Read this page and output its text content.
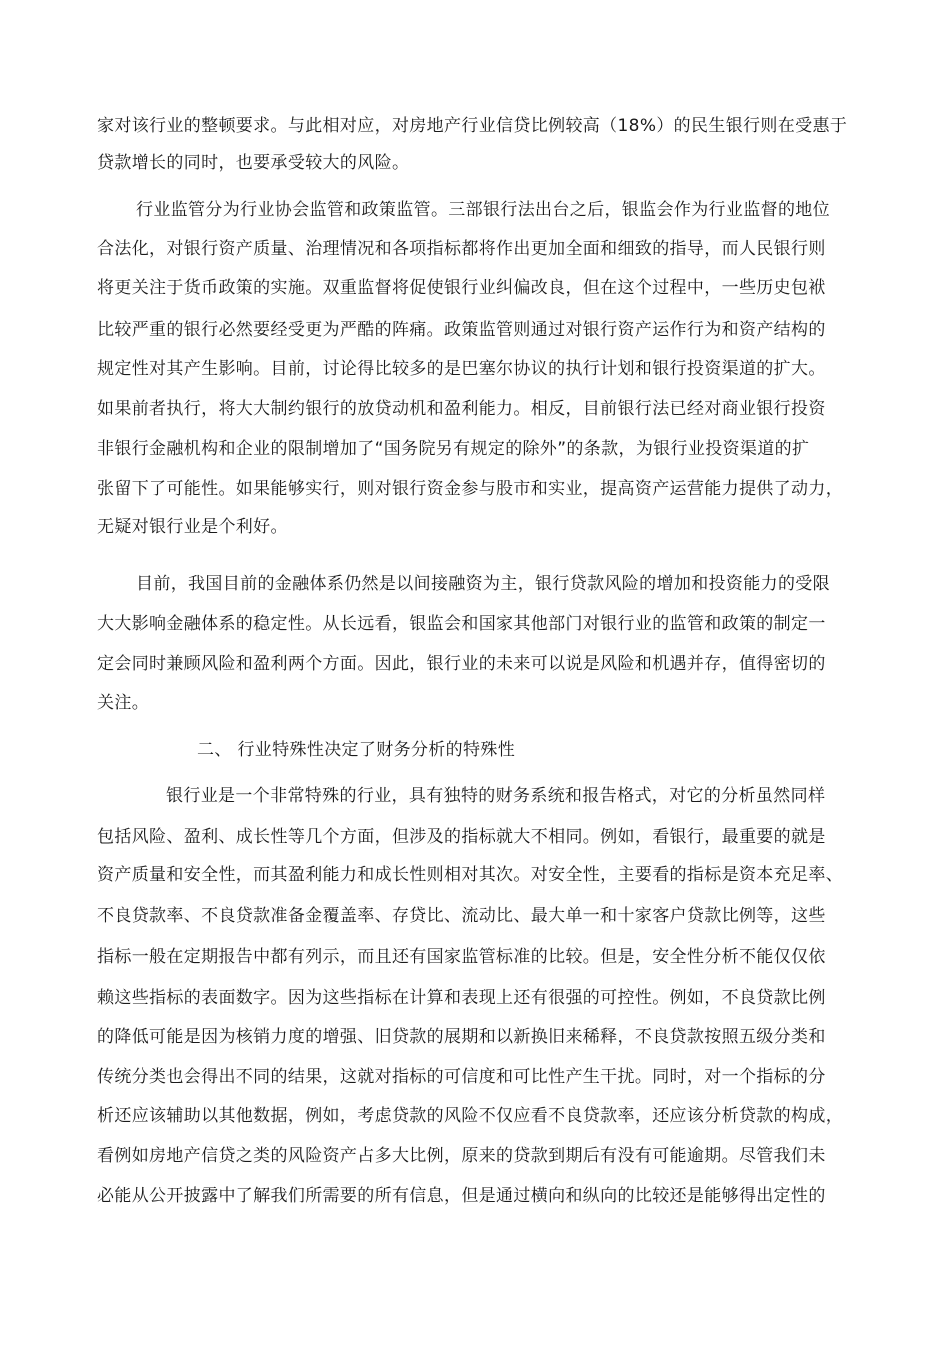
家对该行业的整顿要求。与此相对应，对房地产行业信贷比例较高（18%）的民生银行则在受惠于
贷款增长的同时，也要承受较大的风险。
行业监管分为行业协会监管和政策监管。三部银行法出台之后，银监会作为行业监督的地位
合法化，对银行资产质量、治理情况和各项指标都将作出更加全面和细致的指导，而人民银行则
将更关注于货币政策的实施。双重监督将促使银行业纠偏改良，但在这个过程中，一些历史包袱
比较严重的银行必然要经受更为严酷的阵痛。政策监管则通过对银行资产运作行为和资产结构的
规定性对其产生影响。目前，讨论得比较多的是巴塞尔协议的执行计划和银行投资渠道的扩大。
如果前者执行，将大大制约银行的放贷动机和盈利能力。相反，目前银行法已经对商业银行投资
非银行金融机构和企业的限制增加了“国务院另有规定的除外”的条款，为银行业投资渠道的扩
张留下了可能性。如果能够实行，则对银行资金参与股市和实业，提高资产运营能力提供了动力，
无疑对银行业是个利好。
目前，我国目前的金融体系仍然是以间接融资为主，银行贷款风险的增加和投资能力的受限
大大影响金融体系的稳定性。从长远看，银监会和国家其他部门对银行业的监管和政策的制定一
定会同时兼顾风险和盈利两个方面。因此，银行业的未来可以说是风险和机遇并存，值得密切的
关注。
二、 行业特殊性决定了财务分析的特殊性
银行业是一个非常特殊的行业，具有独特的财务系统和报告格式，对它的分析虽然同样
包括风险、盈利、成长性等几个方面，但涉及的指标就大不相同。例如，看银行，最重要的就是
资产质量和安全性，而其盈利能力和成长性则相对其次。对安全性，主要看的指标是资本充足率、
不良贷款率、不良贷款准备金覆盖率、存贷比、流动比、最大单一和十家客户贷款比例等，这些
指标一般在定期报告中都有列示，而且还有国家监管标准的比较。但是，安全性分析不能仅仅依
赖这些指标的表面数字。因为这些指标在计算和表现上还有很强的可控性。例如，不良贷款比例
的降低可能是因为核销力度的增强、旧贷款的展期和以新换旧来稀释，不良贷款按照五级分类和
传统分类也会得出不同的结果，这就对指标的可信度和可比性产生干扰。同时，对一个指标的分
析还应该辅助以其他数据，例如，考虑贷款的风险不仅应看不良贷款率，还应该分析贷款的构成，
看例如房地产信贷之类的风险资产占多大比例，原来的贷款到期后有没有可能逾期。尽管我们未
必能从公开披露中了解我们所需要的所有信息，但是通过横向和纵向的比较还是能够得出定性的
